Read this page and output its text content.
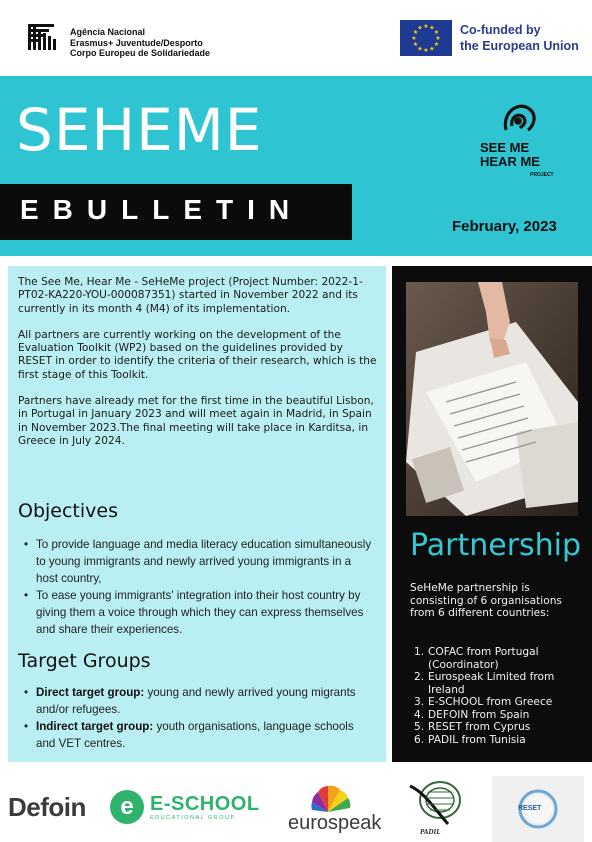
Agência Nacional
Erasmus+ Juventude/Desporto
Corpo Europeu de Solidariedade
★ ★
★
★
★
★
★
★
★
★
★
★	Co-funded by
the European Union
SEHEME
EBULLETIN
February, 2023
SEE ME
HEAR ME
PROJECT

The See Me, Hear Me - SeHeMe project (Project Number: 2022-1-PT02-KA220-YOU-000087351) started in November 2022 and its currently in its month 4 (M4) of its implementation.

All partners are currently working on the development of the Evaluation Toolkit (WP2) based on the guidelines provided by RESET in order to identify the criteria of their research, which is the first stage of this Toolkit.

Partners have already met for the first time in the beautiful Lisbon, in Portugal in January 2023 and will meet again in Madrid, in Spain in November 2023.The final meeting will take place in Karditsa, in Greece in July 2024.

Objectives
• To provide language and media literacy education simultaneously to young immigrants and newly arrived young immigrants in a host country,
• To ease young immigrants' integration into their host country by giving them a voice through which they can express themselves and share their experiences.
Target Groups
• Direct target group: young and newly arrived young migrants and/or refugees.
• Indirect target group: youth organisations, language schools and VET centres.
Partnership
SeHeMe partnership is consisting of 6 organisations from 6 different countries:
1. COFAC from Portugal (Coordinator)
2. Eurospeak Limited from Ireland
3. E-SCHOOL from Greece
4. DEFOIN from Spain
5. RESET from Cyprus
6. PADIL from Tunisia
Defoin	e E-SCHOOL
EDUCATIONAL GROUP	eurospeak	PADIL
RESET
